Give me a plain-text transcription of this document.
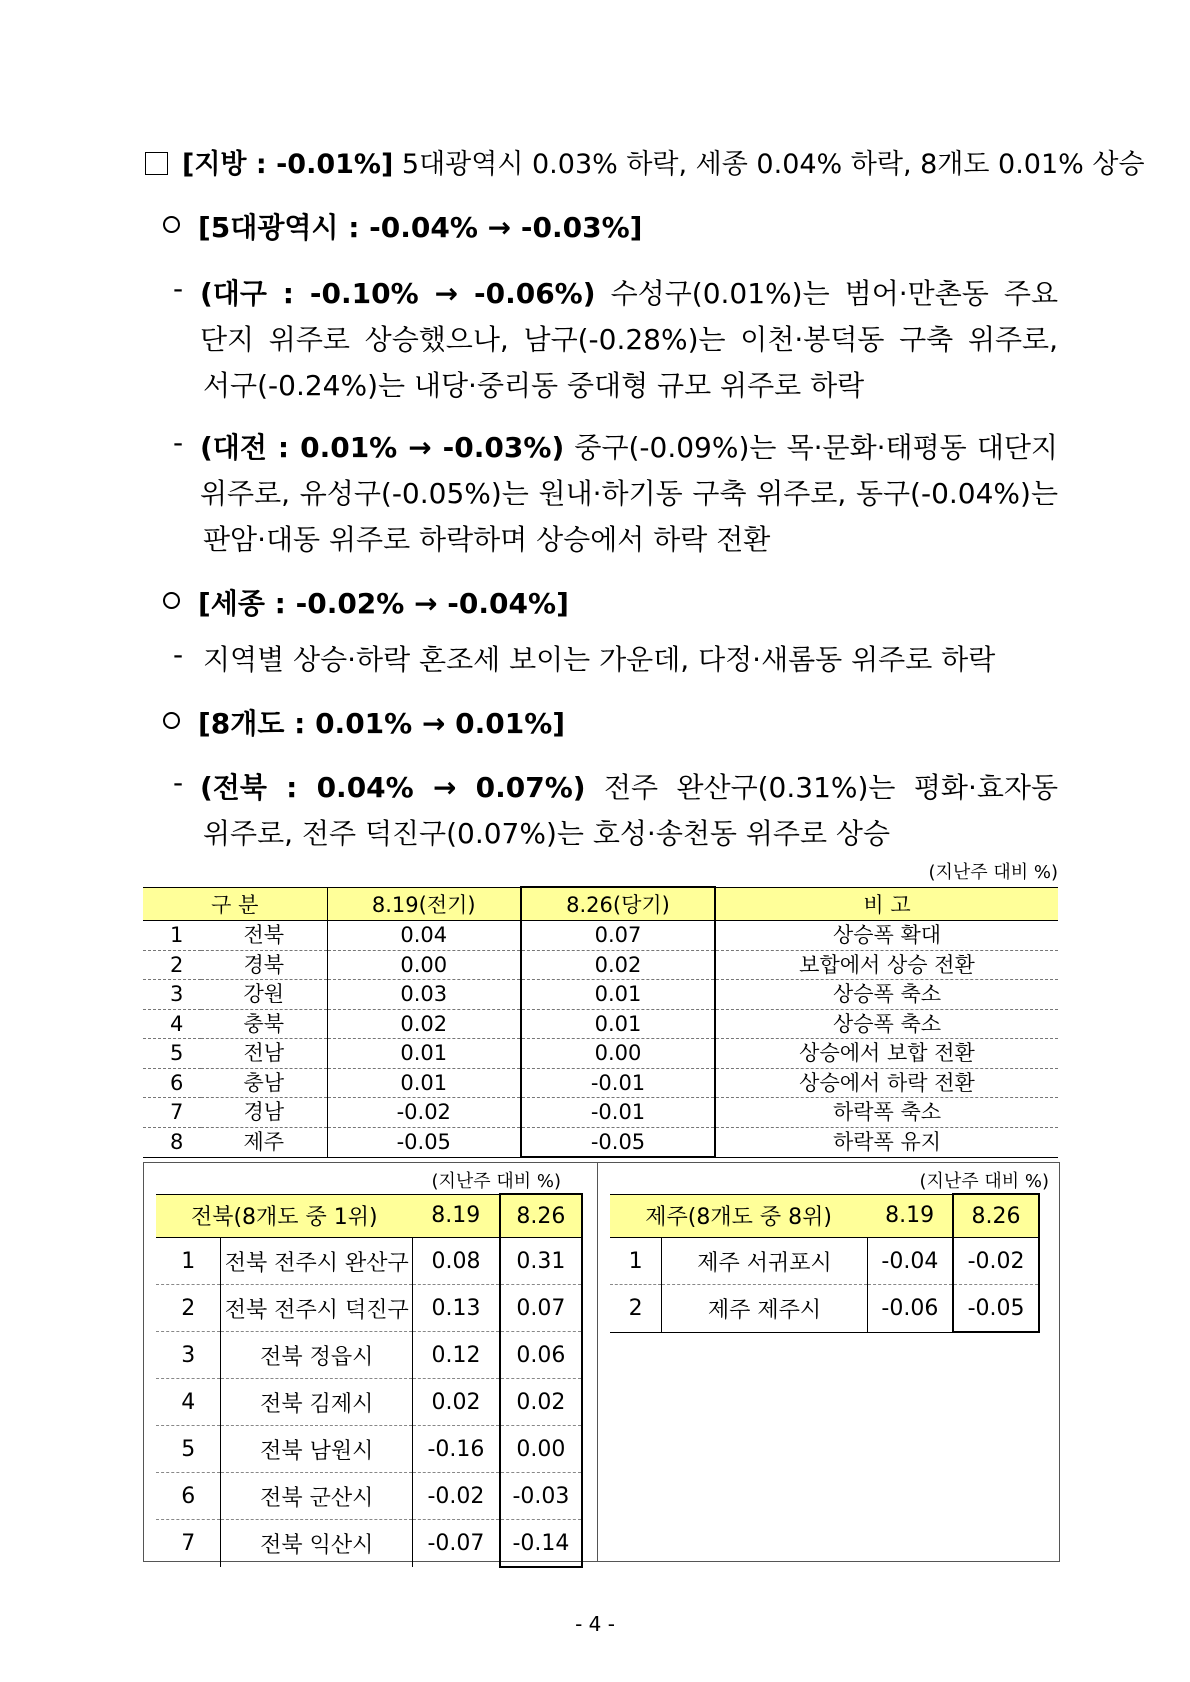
[지방 : -0.01%] 5대광역시 0.03% 하락, 세종 0.04% 하락, 8개도 0.01% 상승
[5대광역시 : -0.04% → -0.03%]
- (대구 : -0.10% → -0.06%) 수성구(0.01%)는 범어·만촌동 주요
단지 위주로 상승했으나, 남구(-0.28%)는 이천·봉덕동 구축 위주로,
서구(-0.24%)는 내당·중리동 중대형 규모 위주로 하락
- (대전 : 0.01% → -0.03%) 중구(-0.09%)는 목·문화·태평동 대단지
위주로, 유성구(-0.05%)는 원내·하기동 구축 위주로, 동구(-0.04%)는
판암·대동 위주로 하락하며 상승에서 하락 전환
[세종 : -0.02% → -0.04%]
- 지역별 상승·하락 혼조세 보이는 가운데, 다정·새롬동 위주로 하락
[8개도 : 0.01% → 0.01%]
- (전북 : 0.04% → 0.07%) 전주 완산구(0.31%)는 평화·효자동
위주로, 전주 덕진구(0.07%)는 호성·송천동 위주로 상승
(지난주 대비 %)
구 분		8.19(전기)	8.26(당기)	비 고
1	전북	0.04	0.07	상승폭 확대
2	경북	0.00	0.02	보합에서 상승 전환
3	강원	0.03	0.01	상승폭 축소
4	충북	0.02	0.01	상승폭 축소
5	전남	0.01	0.00	상승에서 보합 전환
6	충남	0.01	-0.01	상승에서 하락 전환
7	경남	-0.02	-0.01	하락폭 축소
8	제주	-0.05	-0.05	하락폭 유지
(지난주 대비 %)
전북(8개도 중 1위)		8.19	8.26
1	전북 전주시 완산구	0.08	0.31
2	전북 전주시 덕진구	0.13	0.07
3	전북 정읍시	0.12	0.06
4	전북 김제시	0.02	0.02
5	전북 남원시	-0.16	0.00
6	전북 군산시	-0.02	-0.03
7	전북 익산시	-0.07	-0.14
(지난주 대비 %)
제주(8개도 중 8위)		8.19	8.26
1	제주 서귀포시	-0.04	-0.02
2	제주 제주시	-0.06	-0.05
- 4 -
